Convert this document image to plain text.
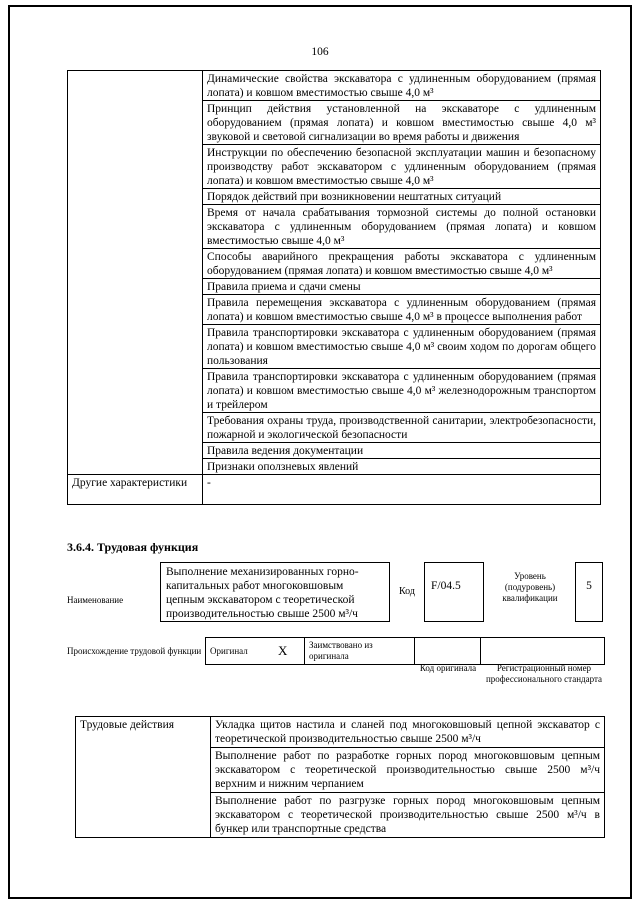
106
	Динамические свойства экскаватора с удлиненным оборудованием (прямая лопата) и ковшом вместимостью свыше 4,0 м³
	Принцип действия установленной на экскаваторе с удлиненным оборудованием (прямая лопата) и ковшом вместимостью свыше 4,0 м³ звуковой и световой сигнализации во время работы и движения
	Инструкции по обеспечению безопасной эксплуатации машин и безопасному производству работ экскаватором с удлиненным оборудованием (прямая лопата) и ковшом вместимостью свыше 4,0 м³
	Порядок действий при возникновении нештатных ситуаций
	Время от начала срабатывания тормозной системы до полной остановки экскаватора с удлиненным оборудованием (прямая лопата) и ковшом вместимостью свыше 4,0 м³
	Способы аварийного прекращения работы экскаватора с удлиненным оборудованием (прямая лопата) и ковшом вместимостью свыше 4,0 м³
	Правила приема и сдачи смены
	Правила перемещения экскаватора с удлиненным оборудованием (прямая лопата) и ковшом вместимостью свыше 4,0 м³ в процессе выполнения работ
	Правила транспортировки экскаватора с удлиненным оборудованием (прямая лопата) и ковшом вместимостью свыше 4,0 м³ своим ходом по дорогам общего пользования
	Правила транспортировки экскаватора с удлиненным оборудованием (прямая лопата) и ковшом вместимостью свыше 4,0 м³ железнодорожным транспортом и трейлером
	Требования охраны труда, производственной санитарии, электробезопасности, пожарной и экологической безопасности
	Правила ведения документации
	Признаки оползневых явлений
Другие характеристики	-
3.6.4. Трудовая функция
Наименование
Выполнение механизированных горно-капитальных работ многоковшовым цепным экскаватором с теоретической производительностью свыше 2500 м³/ч
Код	F/04.5
Уровень (подуровень) квалификации
5
Происхождение трудовой функции Оригинал	X	Заимствовано из оригинала		
Код оригинала	Регистрационный номер профессионального стандарта
Трудовые действия	Укладка щитов настила и сланей под многоковшовый цепной экскаватор с теоретической производительностью свыше 2500 м³/ч
Выполнение работ по разработке горных пород многоковшовым цепным экскаватором с теоретической производительностью свыше 2500 м³/ч верхним и нижним черпанием
Выполнение работ по разгрузке горных пород многоковшовым цепным экскаватором с теоретической производительностью свыше 2500 м³/ч в бункер или транспортные средства
